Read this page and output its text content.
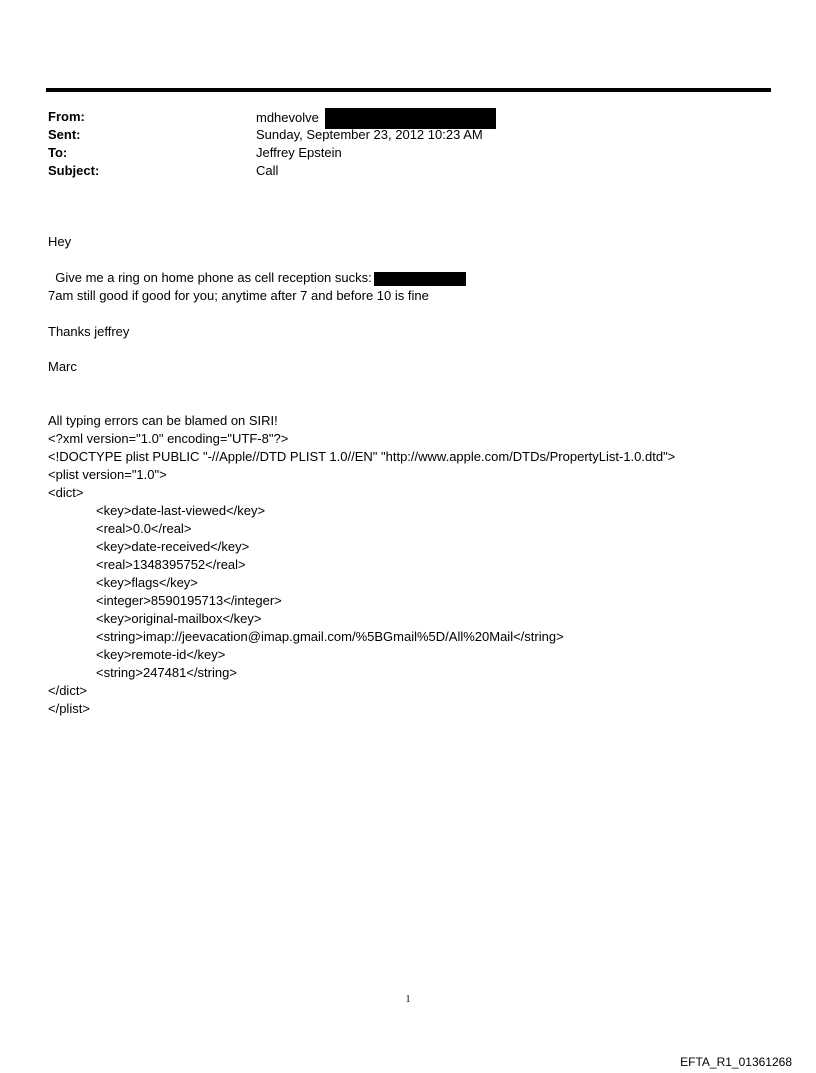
From:	mdhevolve
Sent:	Sunday, September 23, 2012 10:23 AM
To:	Jeffrey Epstein
Subject:	Call
Hey

Give me a ring on home phone as cell reception sucks:

7am still good if good for you; anytime after 7 and before 10 is fine
Thanks jeffrey
Marc
All typing errors can be blamed on SIRI!
<?xml version="1.0" encoding="UTF-8"?>
<!DOCTYPE plist PUBLIC "-//Apple//DTD PLIST 1.0//EN" "http://www.apple.com/DTDs/PropertyList-1.0.dtd">
<plist version="1.0">
<dict>
<key>date-last-viewed</key>
<real>0.0</real>
<key>date-received</key>
<real>1348395752</real>
<key>flags</key>
<integer>8590195713</integer>
<key>original-mailbox</key>
<string>imap://jeevacation@imap.gmail.com/%5BGmail%5D/All%20Mail</string>
<key>remote-id</key>
<string>247481</string>
</dict>
</plist>
1
EFTA_R1_01361268
